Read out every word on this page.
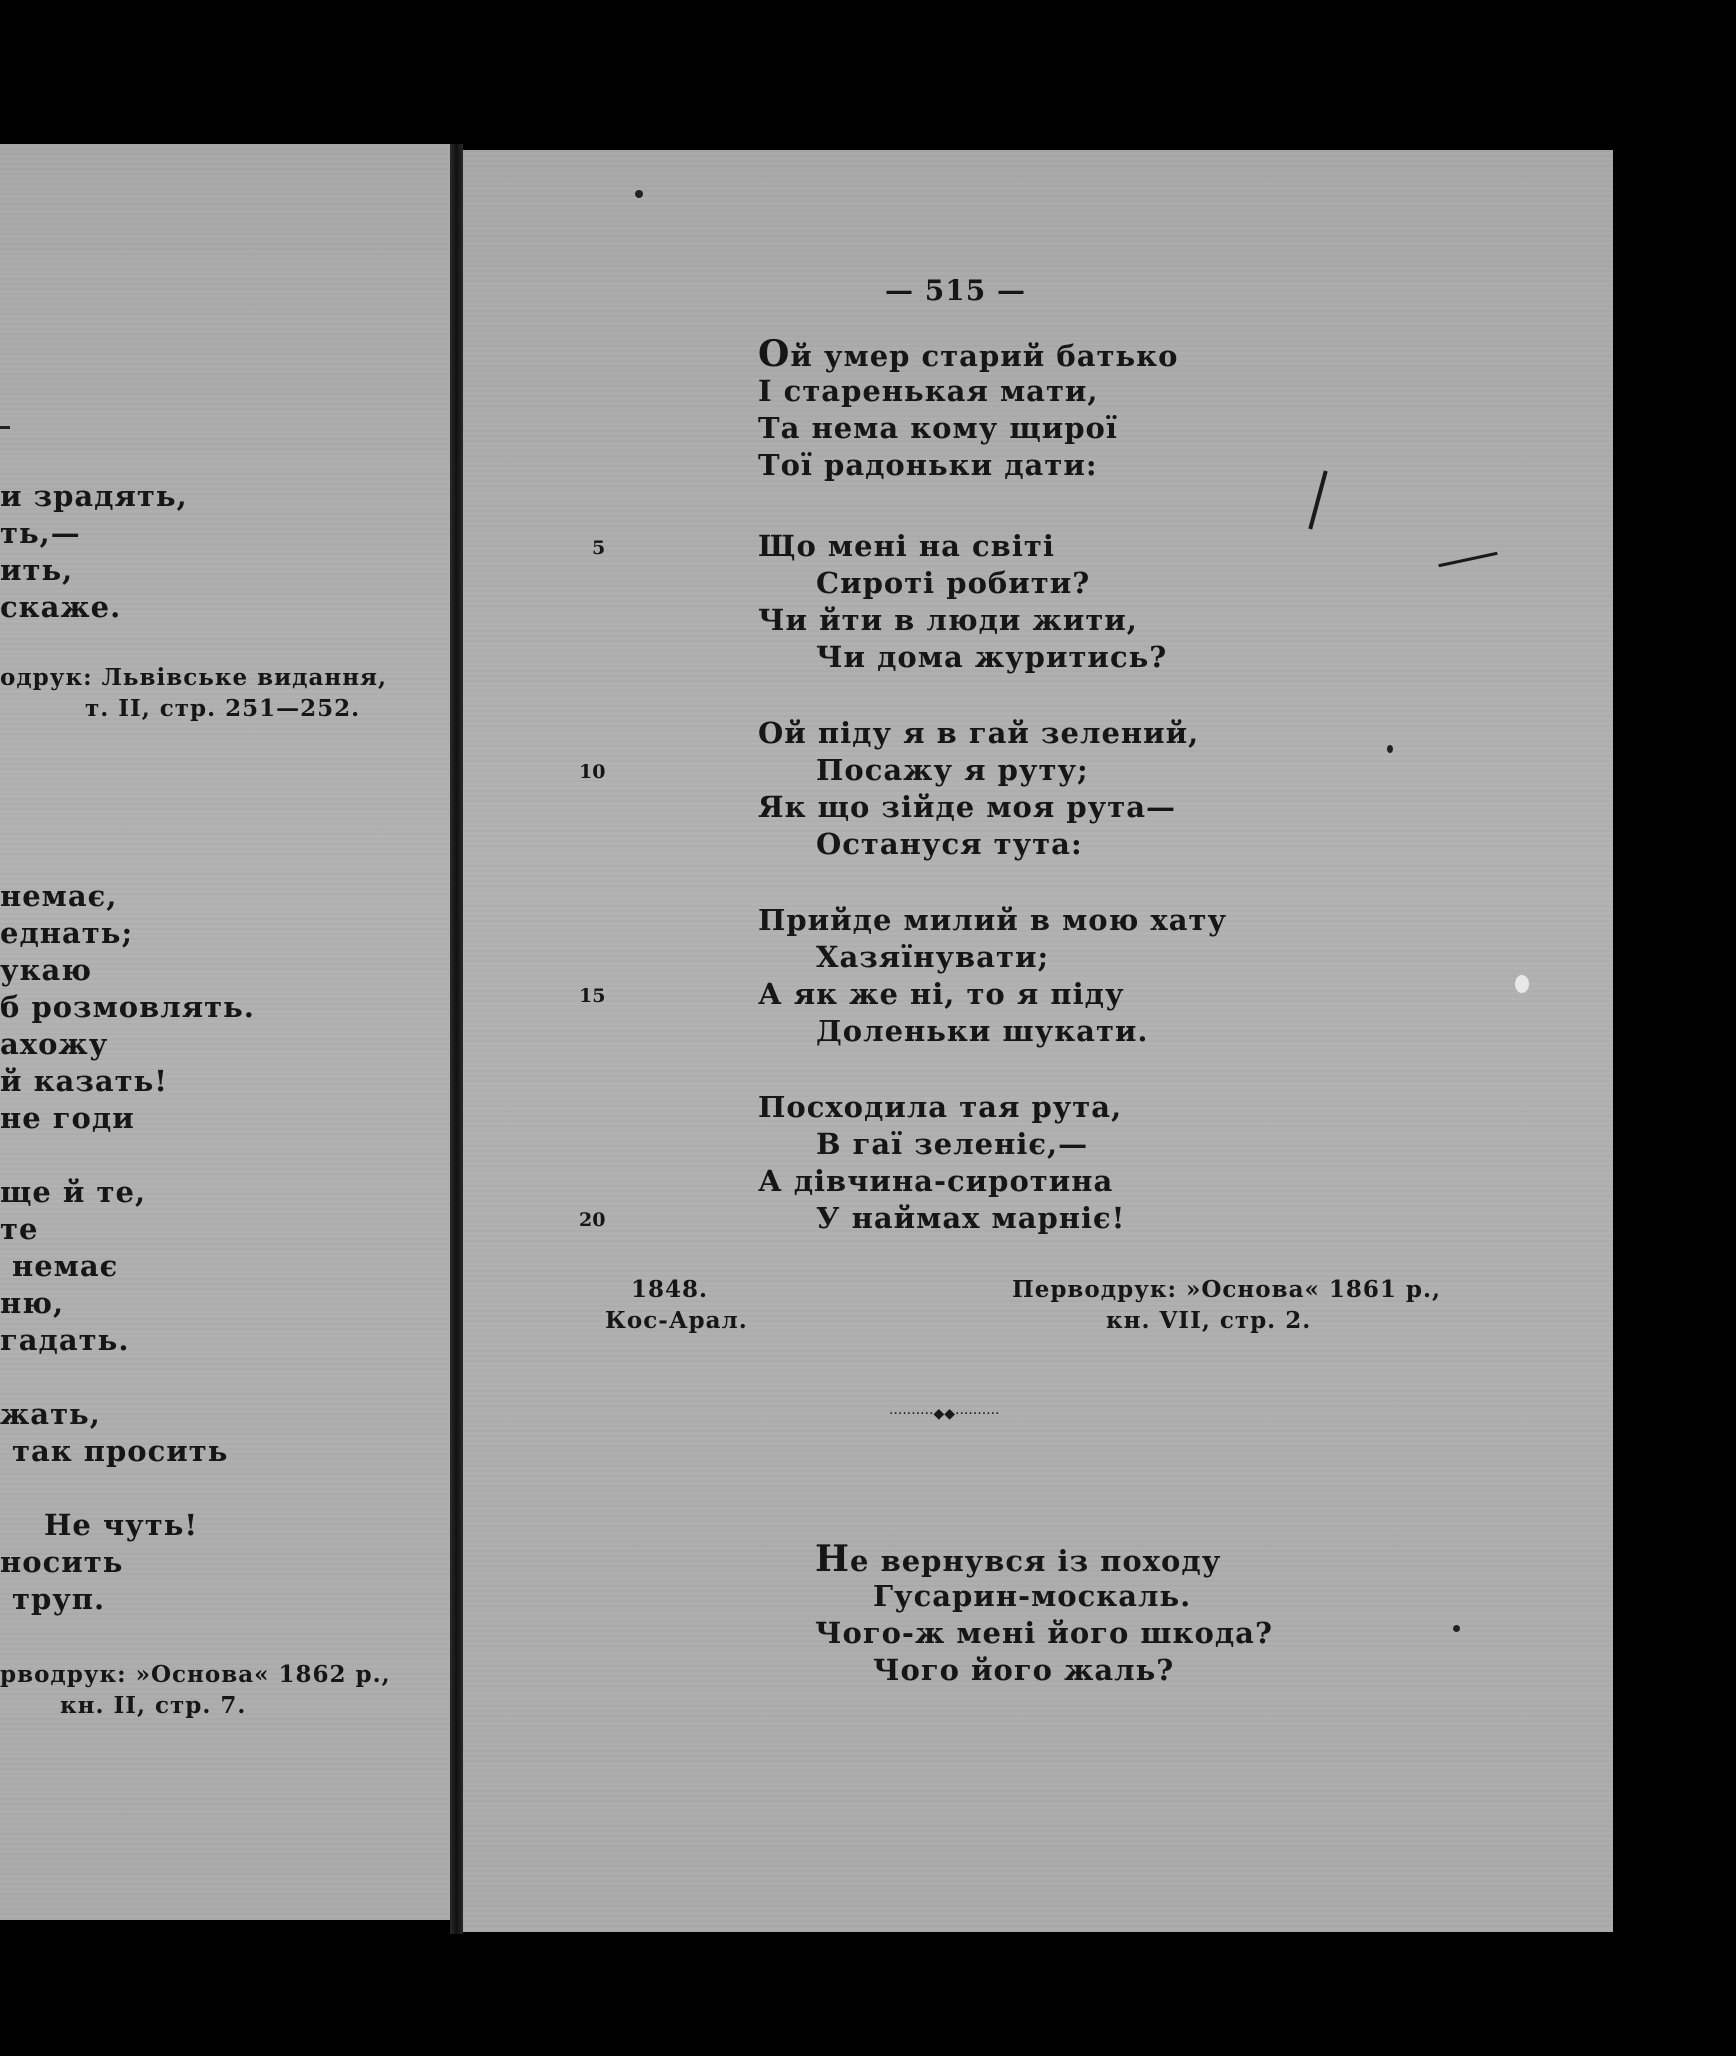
и зрадять,
ть,—
ить,
скаже.
одрук: Львівське видання,
т. II, стр. 251—252.
немає,
еднать;
укаю
б розмовлять.
ахожу
й казать!
не годи
ще й те,
те
немає
ню,
гадать.
жать,
так просить
Не чуть!
носить
труп.
рводрук: »Основа« 1862 р.,
кн. II, стр. 7.
— 515 —
Ой умер старий батько
І старенькая мати,
Та нема кому щирої
Тої радоньки дати:
5	Що мені на світі
Сироті робити?
Чи йти в люди жити,
Чи дома журитись?
Ой піду я в гай зелений,
10	Посажу я руту;
Як що зійде моя рута—
Остануся тута:
Прийде милий в мою хату
Хазяїнувати;
15	А як же ні, то я піду
Доленьки шукати.
Посходила тая рута,
В гаї зеленіє,—
А дівчина-сиротина
20	У наймах марніє!
1848.
Кос-Арал.
Перводрук: »Основа« 1861 р.,
кн. VII, стр. 2.
··········◆◆··········
Не вернувся із походу
Гусарин-москаль.
Чого-ж мені його шкода?
Чого його жаль?
